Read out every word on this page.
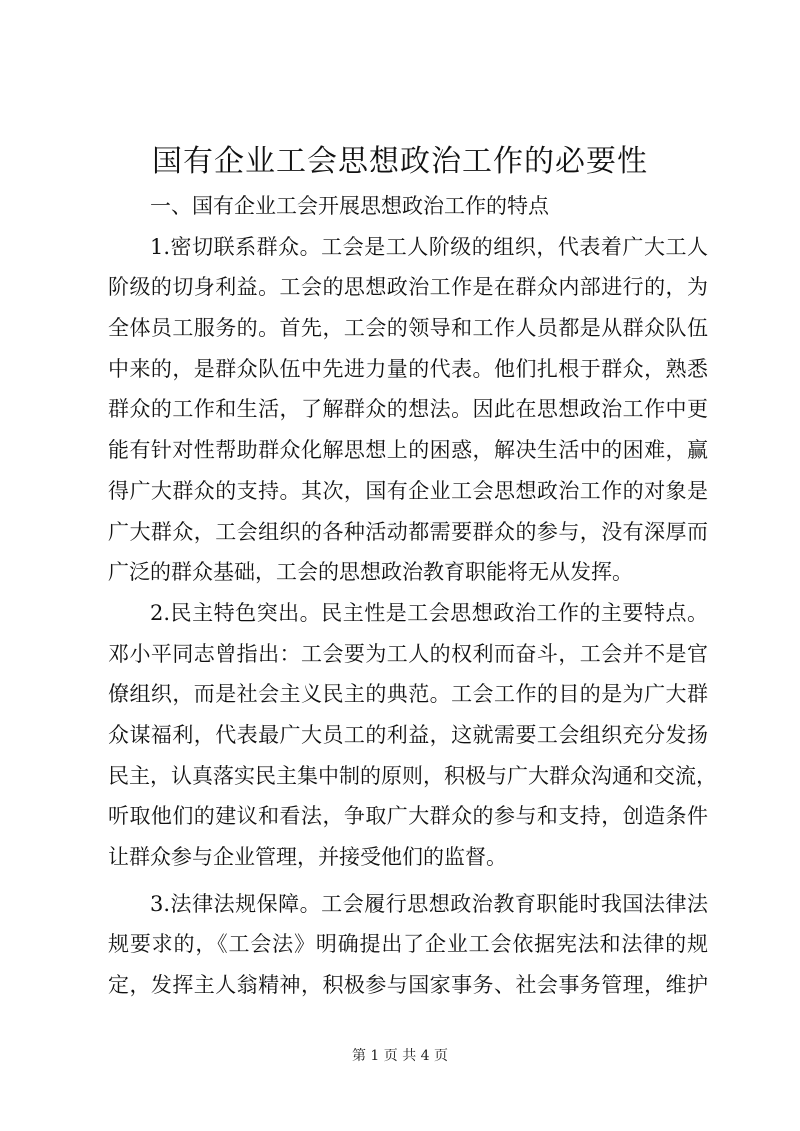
国有企业工会思想政治工作的必要性
一、国有企业工会开展思想政治工作的特点
1.密切联系群众。工会是工人阶级的组织，代表着广大工人
阶级的切身利益。工会的思想政治工作是在群众内部进行的，为
全体员工服务的。首先，工会的领导和工作人员都是从群众队伍
中来的，是群众队伍中先进力量的代表。他们扎根于群众，熟悉
群众的工作和生活，了解群众的想法。因此在思想政治工作中更
能有针对性帮助群众化解思想上的困惑，解决生活中的困难，赢
得广大群众的支持。其次，国有企业工会思想政治工作的对象是
广大群众，工会组织的各种活动都需要群众的参与，没有深厚而
广泛的群众基础，工会的思想政治教育职能将无从发挥。
2.民主特色突出。民主性是工会思想政治工作的主要特点。
邓小平同志曾指出：工会要为工人的权利而奋斗，工会并不是官
僚组织，而是社会主义民主的典范。工会工作的目的是为广大群
众谋福利，代表最广大员工的利益，这就需要工会组织充分发扬
民主，认真落实民主集中制的原则，积极与广大群众沟通和交流，
听取他们的建议和看法，争取广大群众的参与和支持，创造条件
让群众参与企业管理，并接受他们的监督。
3.法律法规保障。工会履行思想政治教育职能时我国法律法
规要求的，《工会法》明确提出了企业工会依据宪法和法律的规
定，发挥主人翁精神，积极参与国家事务、社会事务管理，维护
第 1 页 共 4 页
